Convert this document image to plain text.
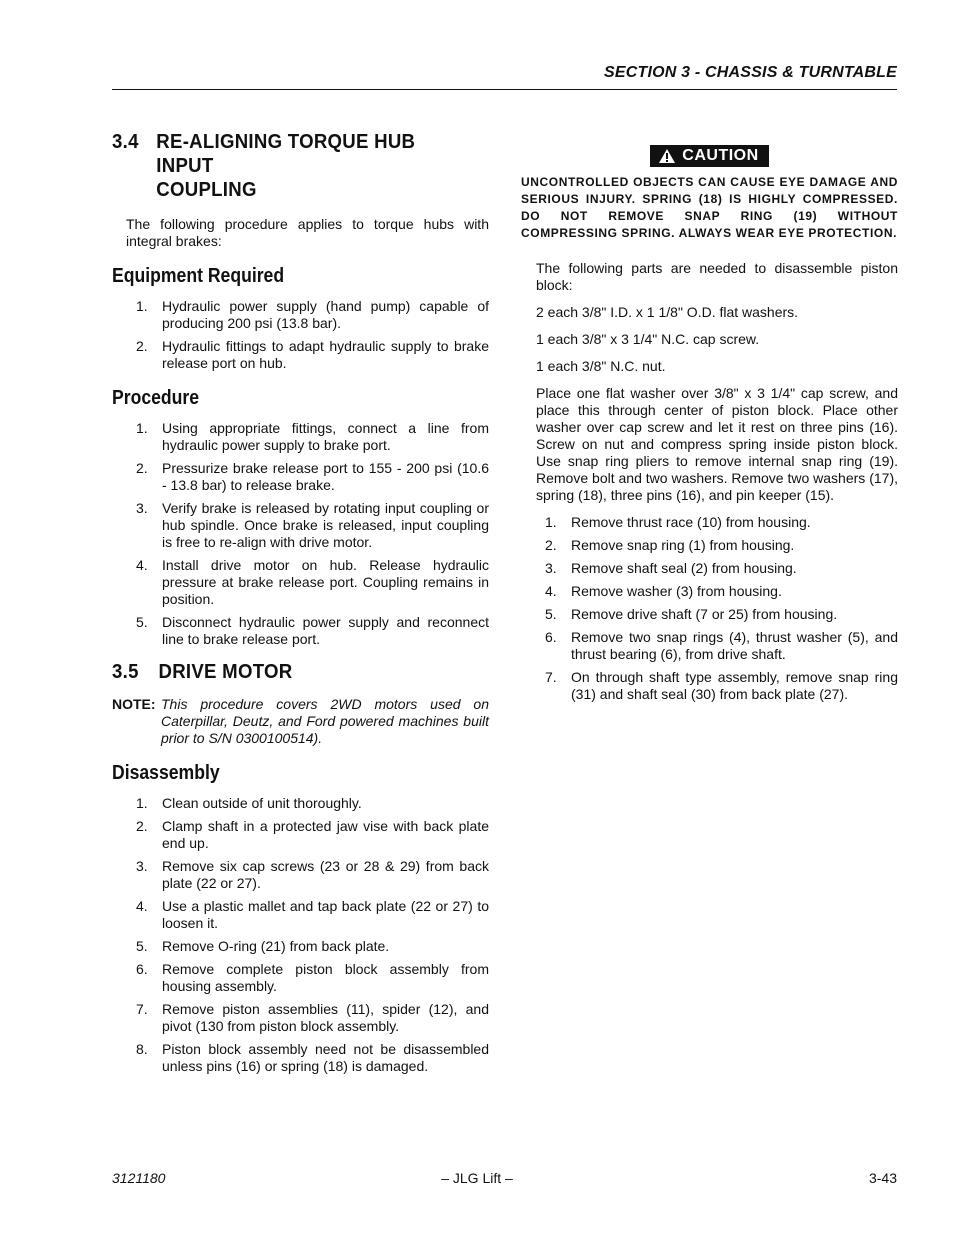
SECTION 3 - CHASSIS & TURNTABLE
3.4 RE-ALIGNING TORQUE HUB INPUT
COUPLING

The following procedure applies to torque hubs with integral brakes:

Equipment Required
1. Hydraulic power supply (hand pump) capable of producing 200 psi (13.8 bar).
2. Hydraulic fittings to adapt hydraulic supply to brake release port on hub.
Procedure
1. Using appropriate fittings, connect a line from hydraulic power supply to brake port.
2. Pressurize brake release port to 155 - 200 psi (10.6 - 13.8 bar) to release brake.
3. Verify brake is released by rotating input coupling or hub spindle. Once brake is released, input coupling is free to re-align with drive motor.
4. Install drive motor on hub. Release hydraulic pressure at brake release port. Coupling remains in position.
5. Disconnect hydraulic power supply and reconnect line to brake release port.
3.5 DRIVE MOTOR
NOTE: This procedure covers 2WD motors used on Caterpillar, Deutz, and Ford powered machines built prior to S/N 0300100514).
Disassembly
1. Clean outside of unit thoroughly.
2. Clamp shaft in a protected jaw vise with back plate end up.
3. Remove six cap screws (23 or 28 & 29) from back plate (22 or 27).
4. Use a plastic mallet and tap back plate (22 or 27) to loosen it.
5. Remove O-ring (21) from back plate.
6. Remove complete piston block assembly from housing assembly.
7. Remove piston assemblies (11), spider (12), and pivot (130 from piston block assembly.
8. Piston block assembly need not be disassembled unless pins (16) or spring (18) is damaged.
CAUTION

UNCONTROLLED OBJECTS CAN CAUSE EYE DAMAGE AND SERIOUS INJURY. SPRING (18) IS HIGHLY COMPRESSED. DO NOT REMOVE SNAP RING (19) WITHOUT COMPRESSING SPRING. ALWAYS WEAR EYE PROTECTION.

The following parts are needed to disassemble piston block:

2 each 3/8" I.D. x 1 1/8" O.D. flat washers.

1 each 3/8" x 3 1/4" N.C. cap screw.

1 each 3/8" N.C. nut.

Place one flat washer over 3/8" x 3 1/4" cap screw, and place this through center of piston block. Place other washer over cap screw and let it rest on three pins (16). Screw on nut and compress spring inside piston block. Use snap ring pliers to remove internal snap ring (19). Remove bolt and two washers. Remove two washers (17), spring (18), three pins (16), and pin keeper (15).

1. Remove thrust race (10) from housing.
2. Remove snap ring (1) from housing.
3. Remove shaft seal (2) from housing.
4. Remove washer (3) from housing.
5. Remove drive shaft (7 or 25) from housing.
6. Remove two snap rings (4), thrust washer (5), and thrust bearing (6), from drive shaft.
7. On through shaft type assembly, remove snap ring (31) and shaft seal (30) from back plate (27).
3121180	– JLG Lift –	3-43
